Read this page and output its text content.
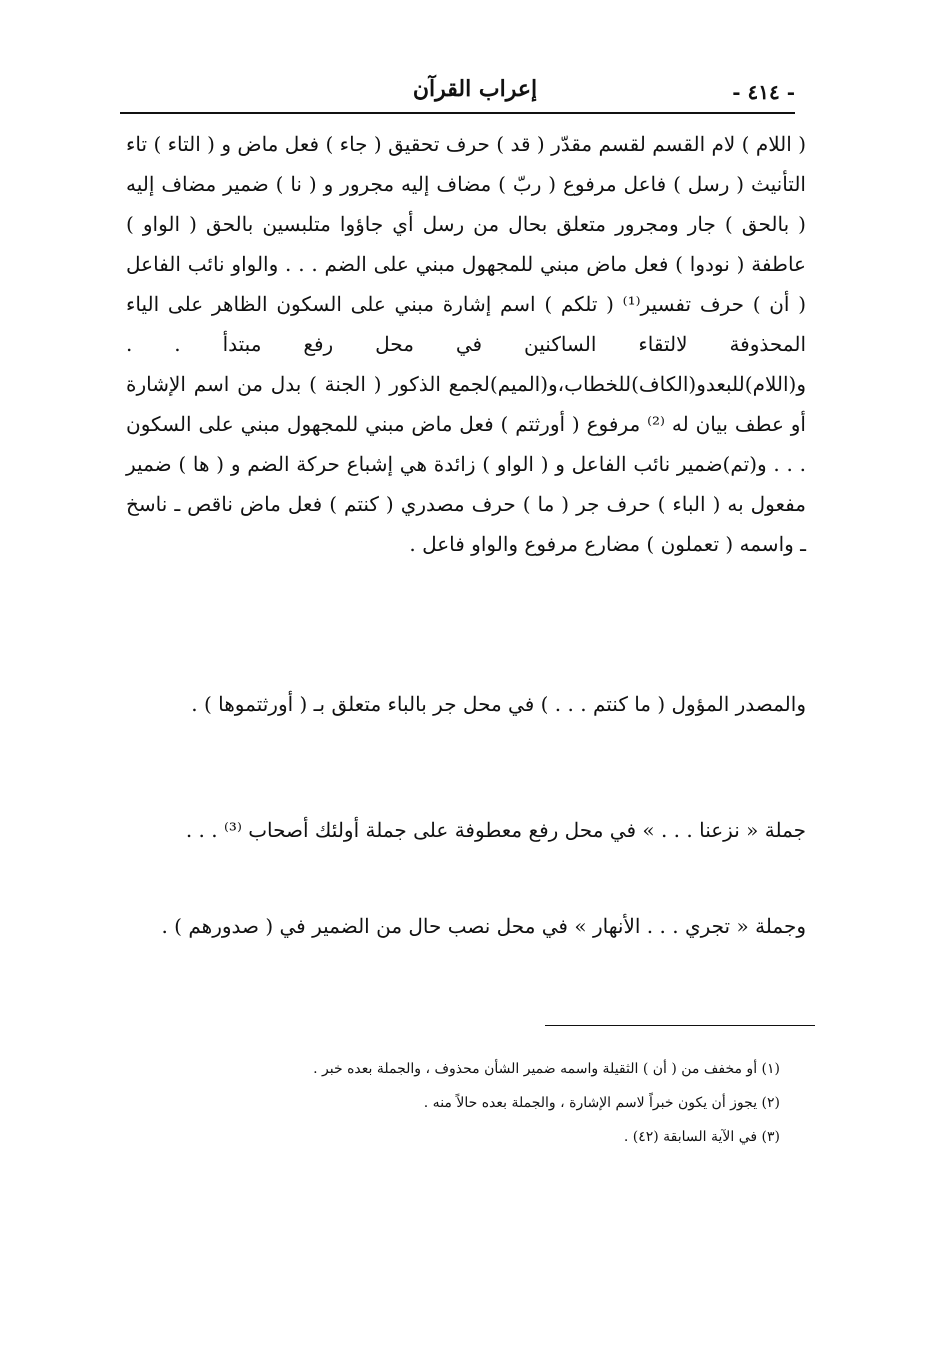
إعراب القرآن	- ٤١٤ -

( اللام ) لام القسم لقسم مقدّر ( قد ) حرف تحقيق ( جاء ) فعل ماض و ( التاء ) تاء التأنيث ( رسل ) فاعل مرفوع ( ربّ ) مضاف إليه مجرور و ( نا ) ضمير مضاف إليه ( بالحق ) جار ومجرور متعلق بحال من رسل أي جاؤوا متلبسين بالحق ( الواو ) عاطفة ( نودوا ) فعل ماض مبني للمجهول مبني على الضم . . . والواو نائب الفاعل ( أن ) حرف تفسير⁽¹⁾ ( تلكم ) اسم إشارة مبني على السكون الظاهر على الياء المحذوفة لالتقاء الساكنين في محل رفع مبتدأ . . و(اللام)للبعدو(الكاف)للخطاب،و(الميم)لجمع الذكور ( الجنة ) بدل من اسم الإشارة أو عطف بيان له ⁽²⁾ مرفوع ( أورثتم ) فعل ماض مبني للمجهول مبني على السكون . . . و(تم)ضمير نائب الفاعل و ( الواو ) زائدة هي إشباع حركة الضم و ( ها ) ضمير مفعول به ( الباء ) حرف جر ( ما ) حرف مصدري ( كنتم ) فعل ماض ناقص ـ ناسخ ـ واسمه ( تعملون ) مضارع مرفوع والواو فاعل .

والمصدر المؤول ( ما كنتم . . . ) في محل جر بالباء متعلق بـ ( أورثتموها ) .

جملة « نزعنا . . . » في محل رفع معطوفة على جملة أولئك أصحاب ⁽³⁾ . . .

وجملة « تجري . . . الأنهار » في محل نصب حال من الضمير في ( صدورهم ) .

(١) أو مخفف من ( أن ) الثقيلة واسمه ضمير الشأن محذوف ، والجملة بعده خبر .
(٢) يجوز أن يكون خبراً لاسم الإشارة ، والجملة بعده حالاً منه .
(٣) في الآية السابقة (٤٢) .
